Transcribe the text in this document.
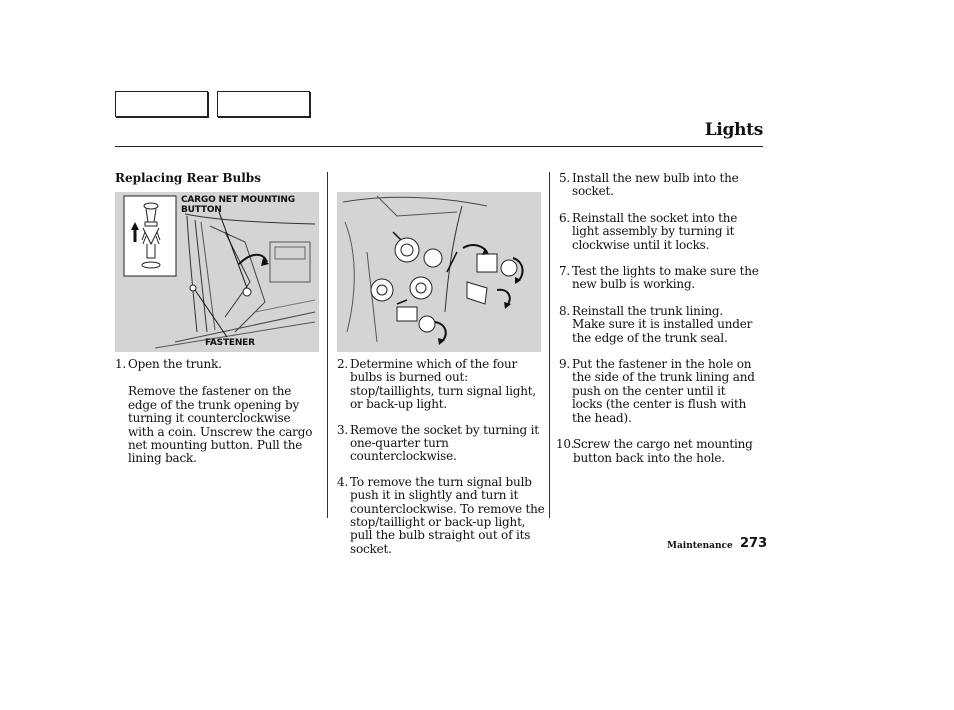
Lights
Replacing Rear Bulbs
CARGO NET MOUNTING BUTTON
FASTENER
1. Open the trunk.
Remove the fastener on the edge of the trunk opening by turning it counterclockwise with a coin. Unscrew the cargo net mounting button. Pull the lining back.
2. Determine which of the four bulbs is burned out: stop/taillights, turn signal light, or back-up light.
3. Remove the socket by turning it one-quarter turn counterclockwise.
4. To remove the turn signal bulb push it in slightly and turn it counterclockwise. To remove the stop/taillight or back-up light, pull the bulb straight out of its socket.
5. Install the new bulb into the socket.
6. Reinstall the socket into the light assembly by turning it clockwise until it locks.
7. Test the lights to make sure the new bulb is working.
8. Reinstall the trunk lining. Make sure it is installed under the edge of the trunk seal.
9. Put the fastener in the hole on the side of the trunk lining and push on the center until it locks (the center is flush with the head).
10.
Screw the cargo net mounting button back into the hole.
Maintenance 273
